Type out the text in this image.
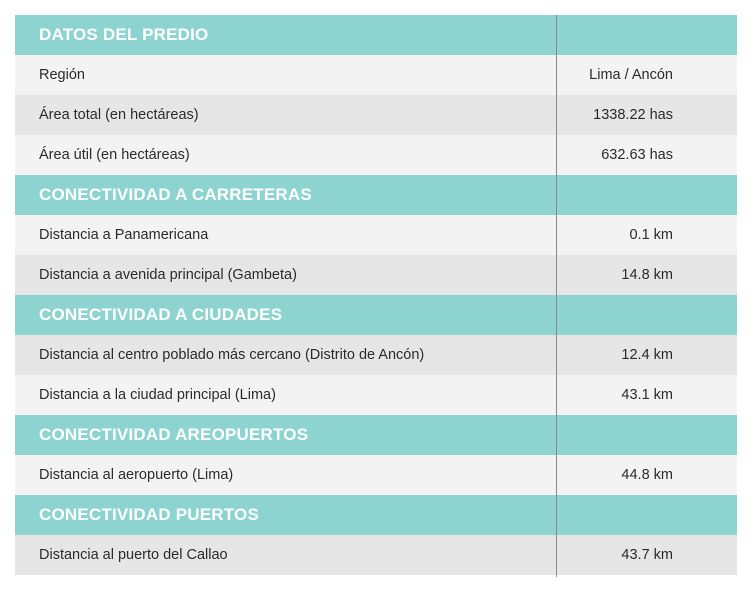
DATOS DEL PREDIO
Región	Lima / Ancón
Área total (en hectáreas)	1338.22 has
Área útil (en hectáreas)	632.63 has
CONECTIVIDAD A CARRETERAS
Distancia a Panamericana	0.1 km
Distancia a avenida principal (Gambeta)	14.8 km
CONECTIVIDAD A CIUDADES
Distancia al centro poblado más cercano (Distrito de Ancón)	12.4 km
Distancia a la ciudad principal (Lima)	43.1 km
CONECTIVIDAD AREOPUERTOS
Distancia al aeropuerto (Lima)	44.8 km
CONECTIVIDAD PUERTOS
Distancia al puerto del Callao	43.7 km
